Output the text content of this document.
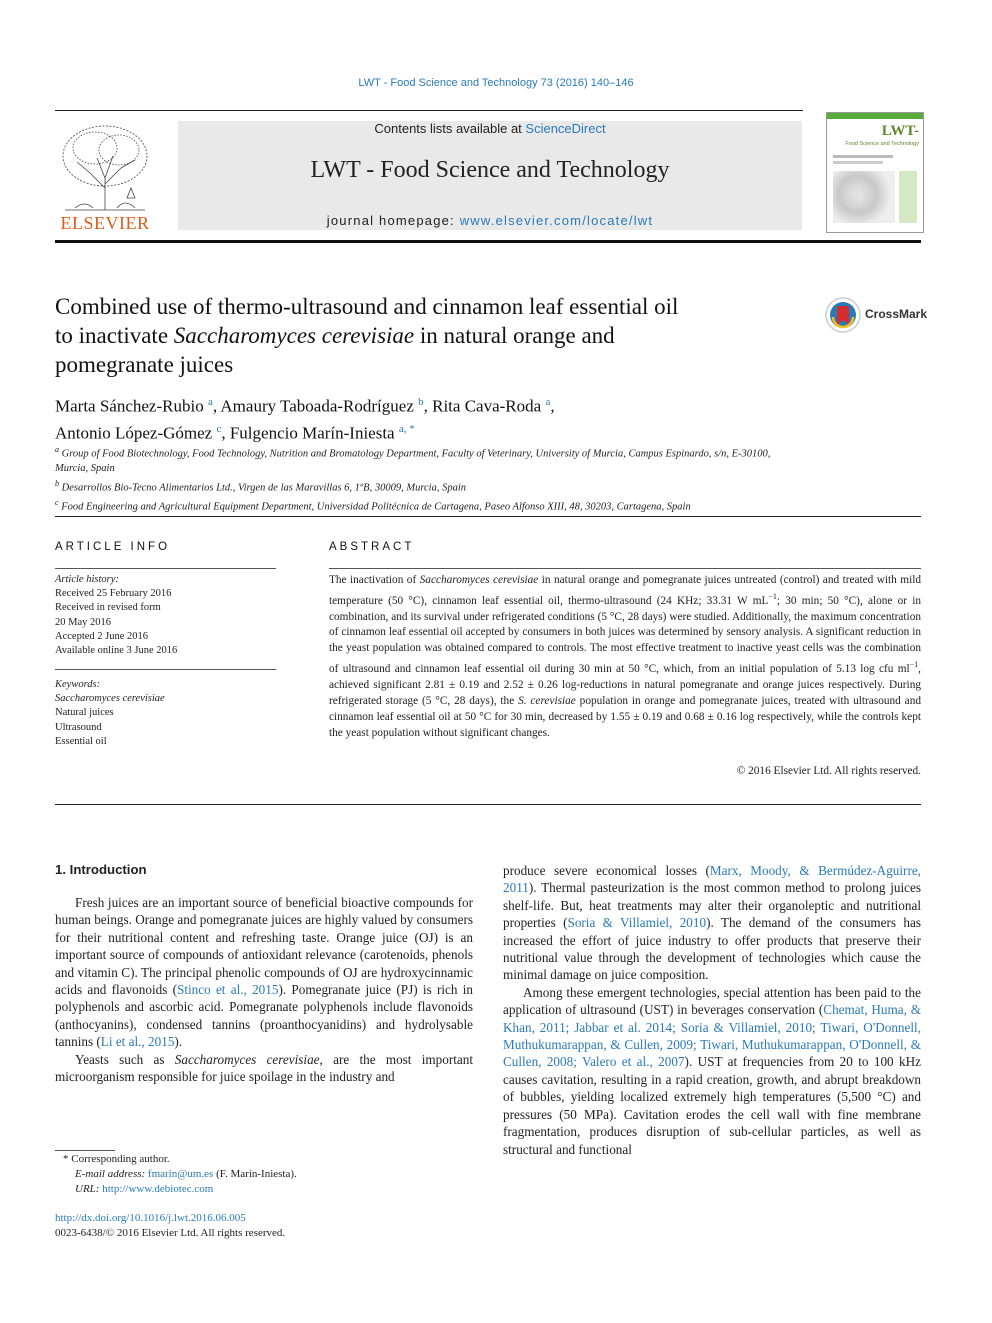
LWT - Food Science and Technology 73 (2016) 140–146
ELSEVIER
Contents lists available at ScienceDirect
LWT - Food Science and Technology
journal homepage: www.elsevier.com/locate/lwt
LWT-
Food Science and Technology
Combined use of thermo-ultrasound and cinnamon leaf essential oil
to inactivate Saccharomyces cerevisiae in natural orange and
pomegranate juices
CrossMark
Marta Sánchez-Rubio $^a$, Amaury Taboada-Rodríguez $^b$, Rita Cava-Roda $^a$,
Antonio López-Gómez $^c$, Fulgencio Marín-Iniesta $^{a, *}$
$^a$ Group of Food Biotechnology, Food Technology, Nutrition and Bromatology Department, Faculty of Veterinary, University of Murcia, Campus Espinardo, s/n, E-30100, Murcia, Spain
$^b$ Desarrollos Bio-Tecno Alimentarios Ltd., Virgen de las Maravillas 6, 1ºB, 30009, Murcia, Spain
$^c$ Food Engineering and Agricultural Equipment Department, Universidad Politécnica de Cartagena, Paseo Alfonso XIII, 48, 30203, Cartagena, Spain
ARTICLE INFO	ABSTRACT
Article history:
Received 25 February 2016
Received in revised form
20 May 2016
Accepted 2 June 2016
Available online 3 June 2016
Keywords:
Saccharomyces cerevisiae
Natural juices
Ultrasound
Essential oil
The inactivation of Saccharomyces cerevisiae in natural orange and pomegranate juices untreated (control) and treated with mild temperature (50 °C), cinnamon leaf essential oil, thermo-ultrasound (24 KHz; 33.31 W $mL^{-1}$; 30 min; 50 °C), alone or in combination, and its survival under refrigerated conditions (5 °C, 28 days) were studied. Additionally, the maximum concentration of cinnamon leaf essential oil accepted by consumers in both juices was determined by sensory analysis. A significant reduction in the yeast population was obtained compared to controls. The most effective treatment to inactive yeast cells was the combination of ultrasound and cinnamon leaf essential oil during 30 min at 50 °C, which, from an initial population of 5.13 log cfu $ml^{-1}$, achieved significant 2.81 ± 0.19 and 2.52 ± 0.26 log-reductions in natural pomegranate and orange juices respectively. During refrigerated storage (5 °C, 28 days), the S. cerevisiae population in orange and pomegranate juices, treated with ultrasound and cinnamon leaf essential oil at 50 °C for 30 min, decreased by 1.55 ± 0.19 and 0.68 ± 0.16 log respectively, while the controls kept the yeast population without significant changes.
© 2016 Elsevier Ltd. All rights reserved.
1. Introduction

Fresh juices are an important source of beneficial bioactive compounds for human beings. Orange and pomegranate juices are highly valued by consumers for their nutritional content and refreshing taste. Orange juice (OJ) is an important source of compounds of antioxidant relevance (carotenoids, phenols and vitamin C). The principal phenolic compounds of OJ are hydroxycinnamic acids and flavonoids (Stinco et al., 2015). Pomegranate juice (PJ) is rich in polyphenols and ascorbic acid. Pomegranate polyphenols include flavonoids (anthocyanins), condensed tannins (proanthocyanidins) and hydrolysable tannins (Li et al., 2015).

Yeasts such as Saccharomyces cerevisiae, are the most important microorganism responsible for juice spoilage in the industry and

produce severe economical losses (Marx, Moody, & Bermúdez-Aguirre, 2011). Thermal pasteurization is the most common method to prolong juices shelf-life. But, heat treatments may alter their organoleptic and nutritional properties (Soria & Villamiel, 2010). The demand of the consumers has increased the effort of juice industry to offer products that preserve their nutritional value through the development of technologies which cause the minimal damage on juice composition.

Among these emergent technologies, special attention has been paid to the application of ultrasound (UST) in beverages conservation (Chemat, Huma, & Khan, 2011; Jabbar et al. 2014; Soria & Villamiel, 2010; Tiwari, O'Donnell, Muthukumarappan, & Cullen, 2009; Tiwari, Muthukumarappan, O'Donnell, & Cullen, 2008; Valero et al., 2007). UST at frequencies from 20 to 100 kHz causes cavitation, resulting in a rapid creation, growth, and abrupt breakdown of bubbles, yielding localized extremely high temperatures (5,500 °C) and pressures (50 MPa). Cavitation erodes the cell wall with fine membrane fragmentation, produces disruption of sub-cellular particles, as well as structural and functional

* Corresponding author.
E-mail address: fmarin@um.es (F. Marín-Iniesta).
URL: http://www.debiotec.com
http://dx.doi.org/10.1016/j.lwt.2016.06.005
0023-6438/© 2016 Elsevier Ltd. All rights reserved.
